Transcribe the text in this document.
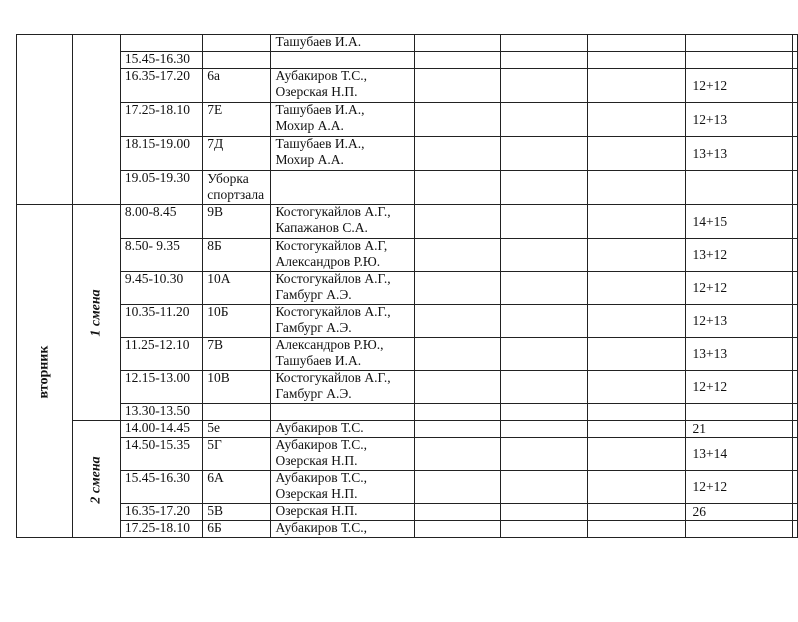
				Ташубаев И.А.					

		15.45-16.30		

		16.35-17.20	6а	Аубакиров Т.С.,
Озерская Н.П.				12+12	
		17.25-18.10	7Е	Ташубаев И.А.,
Мохир А.А.				12+13	
		18.15-19.00	7Д	Ташубаев И.А.,
Мохир А.А.				13+13	
		19.05-19.30	Уборка спортзала	

вторник	1 смена	8.00-8.45	9В	Костогукайлов А.Г.,
Капажанов С.А.				14+15	
		8.50- 9.35	8Б	Костогукайлов А.Г,
Александров Р.Ю.				13+12	
		9.45-10.30	10А	Костогукайлов А.Г.,
Гамбург А.Э.				12+12	
		10.35-11.20	10Б	Костогукайлов А.Г.,
Гамбург А.Э.				12+13	
		11.25-12.10	7В	Александров Р.Ю.,
Ташубаев И.А.				13+13	
		12.15-13.00	10В	Костогукайлов А.Г.,
Гамбург А.Э.				12+12	
		13.30-13.50		

	2 смена	14.00-14.45	5е	Аубакиров Т.С.				21	
		14.50-15.35	5Г	Аубакиров Т.С.,
Озерская Н.П.				13+14	
		15.45-16.30	6А	Аубакиров Т.С.,
Озерская Н.П.				12+12	
		16.35-17.20	5В	Озерская Н.П.				26	
		17.25-18.10	6Б	Аубакиров Т.С.,					
